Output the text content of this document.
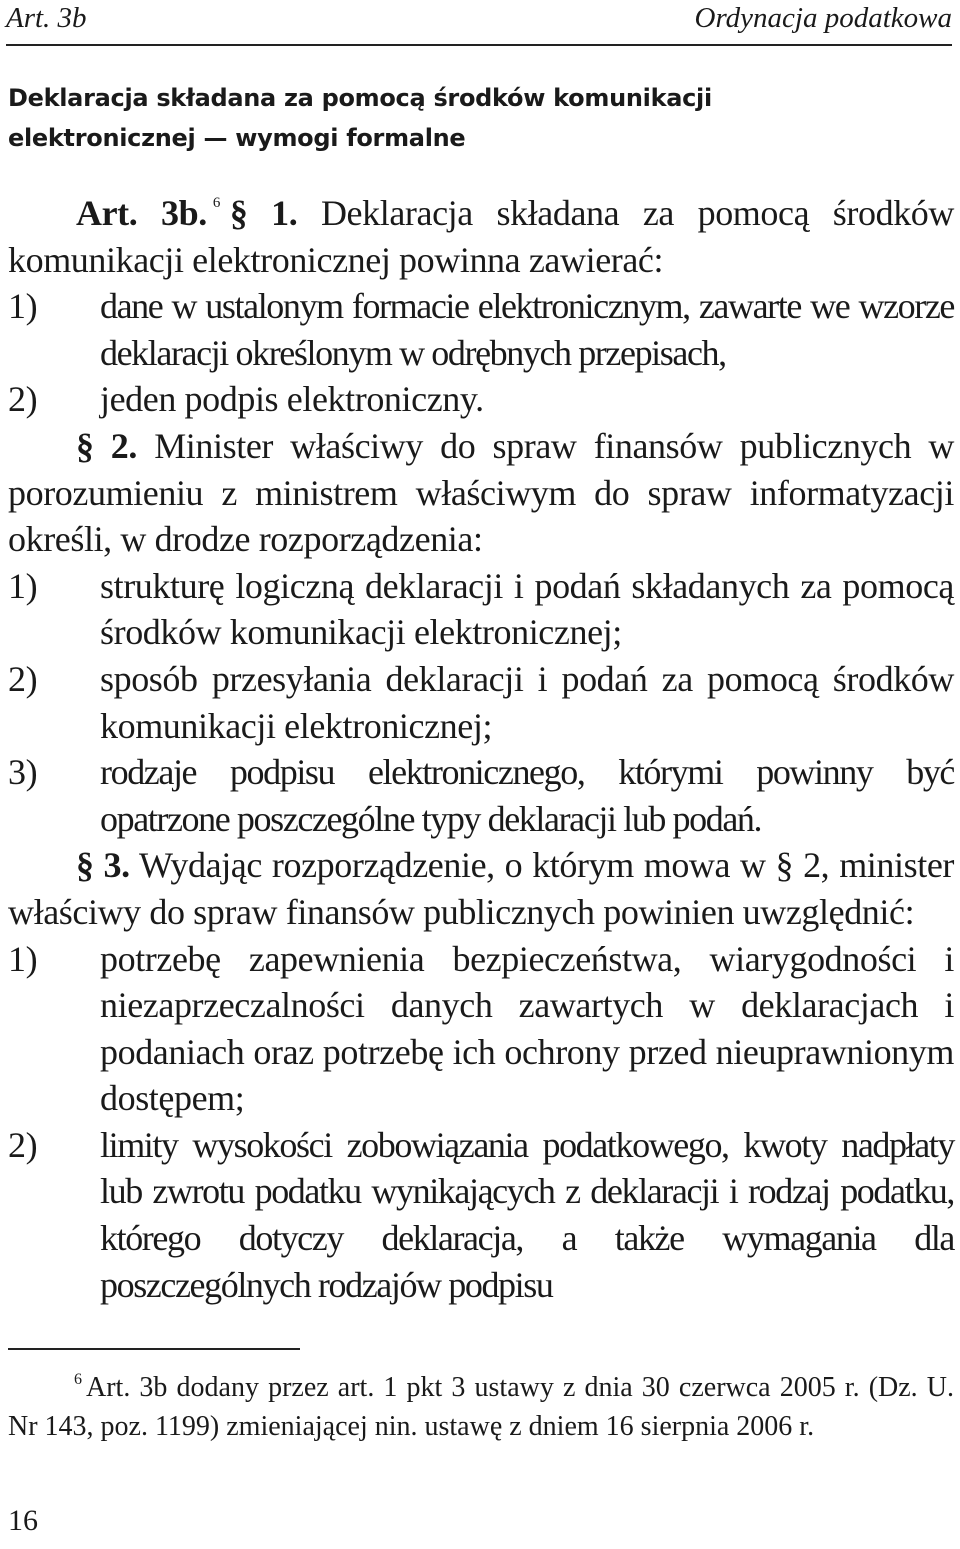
Art. 3b	Ordynacja podatkowa
Deklaracja składana za pomocą środków komunikacji
elektronicznej — wymogi formalne

Art. 3b. $^6$ § 1. Deklaracja składana za pomocą środków komunikacji elektronicznej powinna zawierać:

1)	dane w ustalonym formacie elektronicznym, zawarte we wzorze deklaracji określonym w odrębnych przepisach,
2)	jeden podpis elektroniczny.

§ 2. Minister właściwy do spraw finansów publicznych w porozumieniu z ministrem właściwym do spraw informatyzacji określi, w drodze rozporządzenia:

1)	strukturę logiczną deklaracji i podań składanych za pomocą środków komunikacji elektronicznej;
2)	sposób przesyłania deklaracji i podań za pomocą środków komunikacji elektronicznej;
3)	rodzaje podpisu elektronicznego, którymi powinny być opatrzone poszczególne typy deklaracji lub podań.

§ 3. Wydając rozporządzenie, o którym mowa w § 2, minister właściwy do spraw finansów publicznych powinien uwzględnić:

1)	potrzebę zapewnienia bezpieczeństwa, wiarygodności i niezaprzeczalności danych zawartych w deklaracjach i podaniach oraz potrzebę ich ochrony przed nieuprawnionym dostępem;
2)	limity wysokości zobowiązania podatkowego, kwoty nadpłaty lub zwrotu podatku wynikających z deklaracji i rodzaj podatku, którego dotyczy deklaracja, a także wymagania dla poszczególnych rodzajów podpisu
$^6$ Art. 3b dodany przez art. 1 pkt 3 ustawy z dnia 30 czerwca 2005 r. (Dz. U. Nr 143, poz. 1199) zmieniającej nin. ustawę z dniem 16 sierpnia 2006 r.
16
